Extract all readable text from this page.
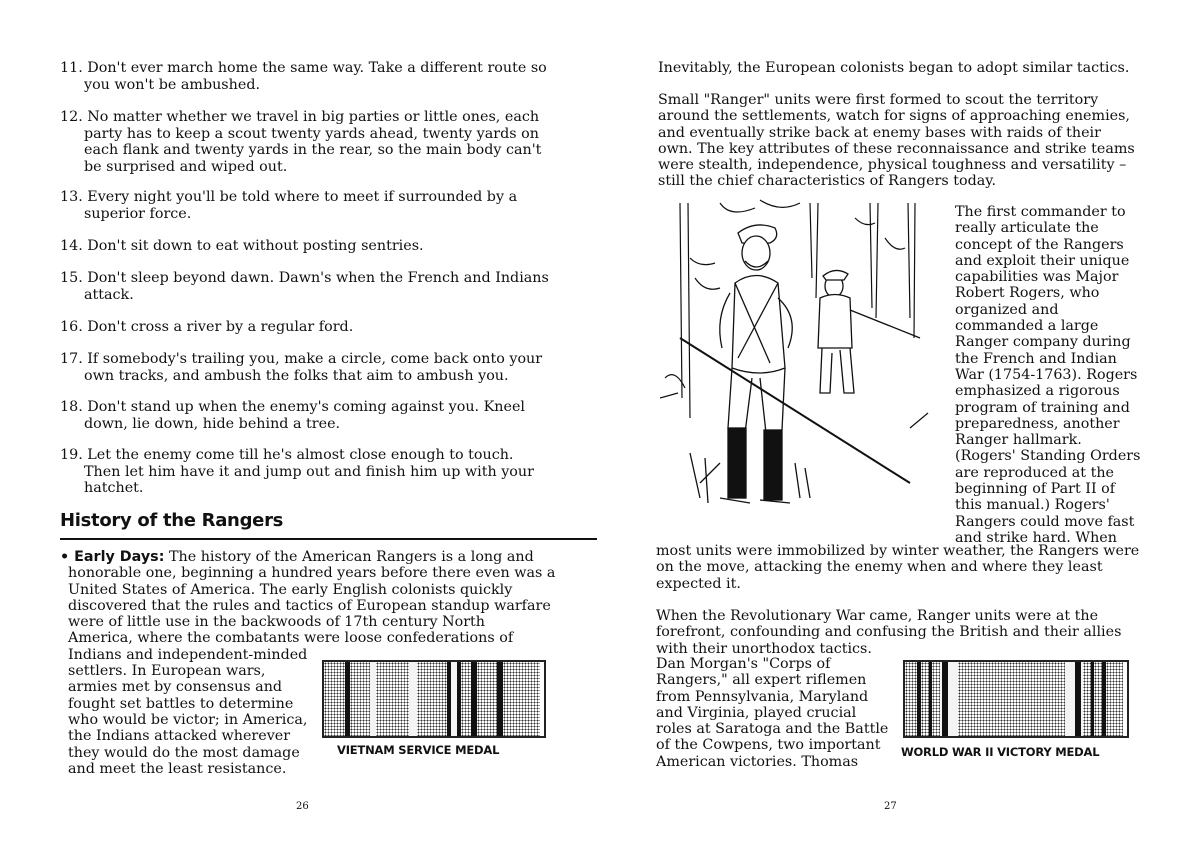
11. Don't ever march home the same way. Take a different route so
you won't be ambushed.
12. No matter whether we travel in big parties or little ones, each
party has to keep a scout twenty yards ahead, twenty yards on
each flank and twenty yards in the rear, so the main body can't
be surprised and wiped out.
13. Every night you'll be told where to meet if surrounded by a
superior force.
14. Don't sit down to eat without posting sentries.
15. Don't sleep beyond dawn. Dawn's when the French and Indians
attack.
16. Don't cross a river by a regular ford.
17. If somebody's trailing you, make a circle, come back onto your
own tracks, and ambush the folks that aim to ambush you.
18. Don't stand up when the enemy's coming against you. Kneel
down, lie down, hide behind a tree.
19. Let the enemy come till he's almost close enough to touch.
Then let him have it and jump out and finish him up with your
hatchet.
History of the Rangers
• Early Days: The history of the American Rangers is a long and
honorable one, beginning a hundred years before there even was a
United States of America. The early English colonists quickly
discovered that the rules and tactics of European standup warfare
were of little use in the backwoods of 17th century North
America, where the combatants were loose confederations of
Indians and independent-minded
settlers. In European wars,
armies met by consensus and
fought set battles to determine
who would be victor; in America,
the Indians attacked wherever
they would do the most damage
and meet the least resistance.
VIETNAM SERVICE MEDAL
26
Inevitably, the European colonists began to adopt similar tactics.
Small "Ranger" units were first formed to scout the territory
around the settlements, watch for signs of approaching enemies,
and eventually strike back at enemy bases with raids of their
own. The key attributes of these reconnaissance and strike teams
were stealth, independence, physical toughness and versatility –
still the chief characteristics of Rangers today.
The first commander to
really articulate the
concept of the Rangers
and exploit their unique
capabilities was Major
Robert Rogers, who
organized and
commanded a large
Ranger company during
the French and Indian
War (1754-1763). Rogers
emphasized a rigorous
program of training and
preparedness, another
Ranger hallmark.
(Rogers' Standing Orders
are reproduced at the
beginning of Part II of
this manual.) Rogers'
Rangers could move fast
and strike hard. When
most units were immobilized by winter weather, the Rangers were
on the move, attacking the enemy when and where they least
expected it.
When the Revolutionary War came, Ranger units were at the
forefront, confounding and confusing the British and their allies
with their unorthodox tactics.
Dan Morgan's "Corps of
Rangers," all expert riflemen
from Pennsylvania, Maryland
and Virginia, played crucial
roles at Saratoga and the Battle
of the Cowpens, two important
American victories. Thomas
WORLD WAR II VICTORY MEDAL
27
